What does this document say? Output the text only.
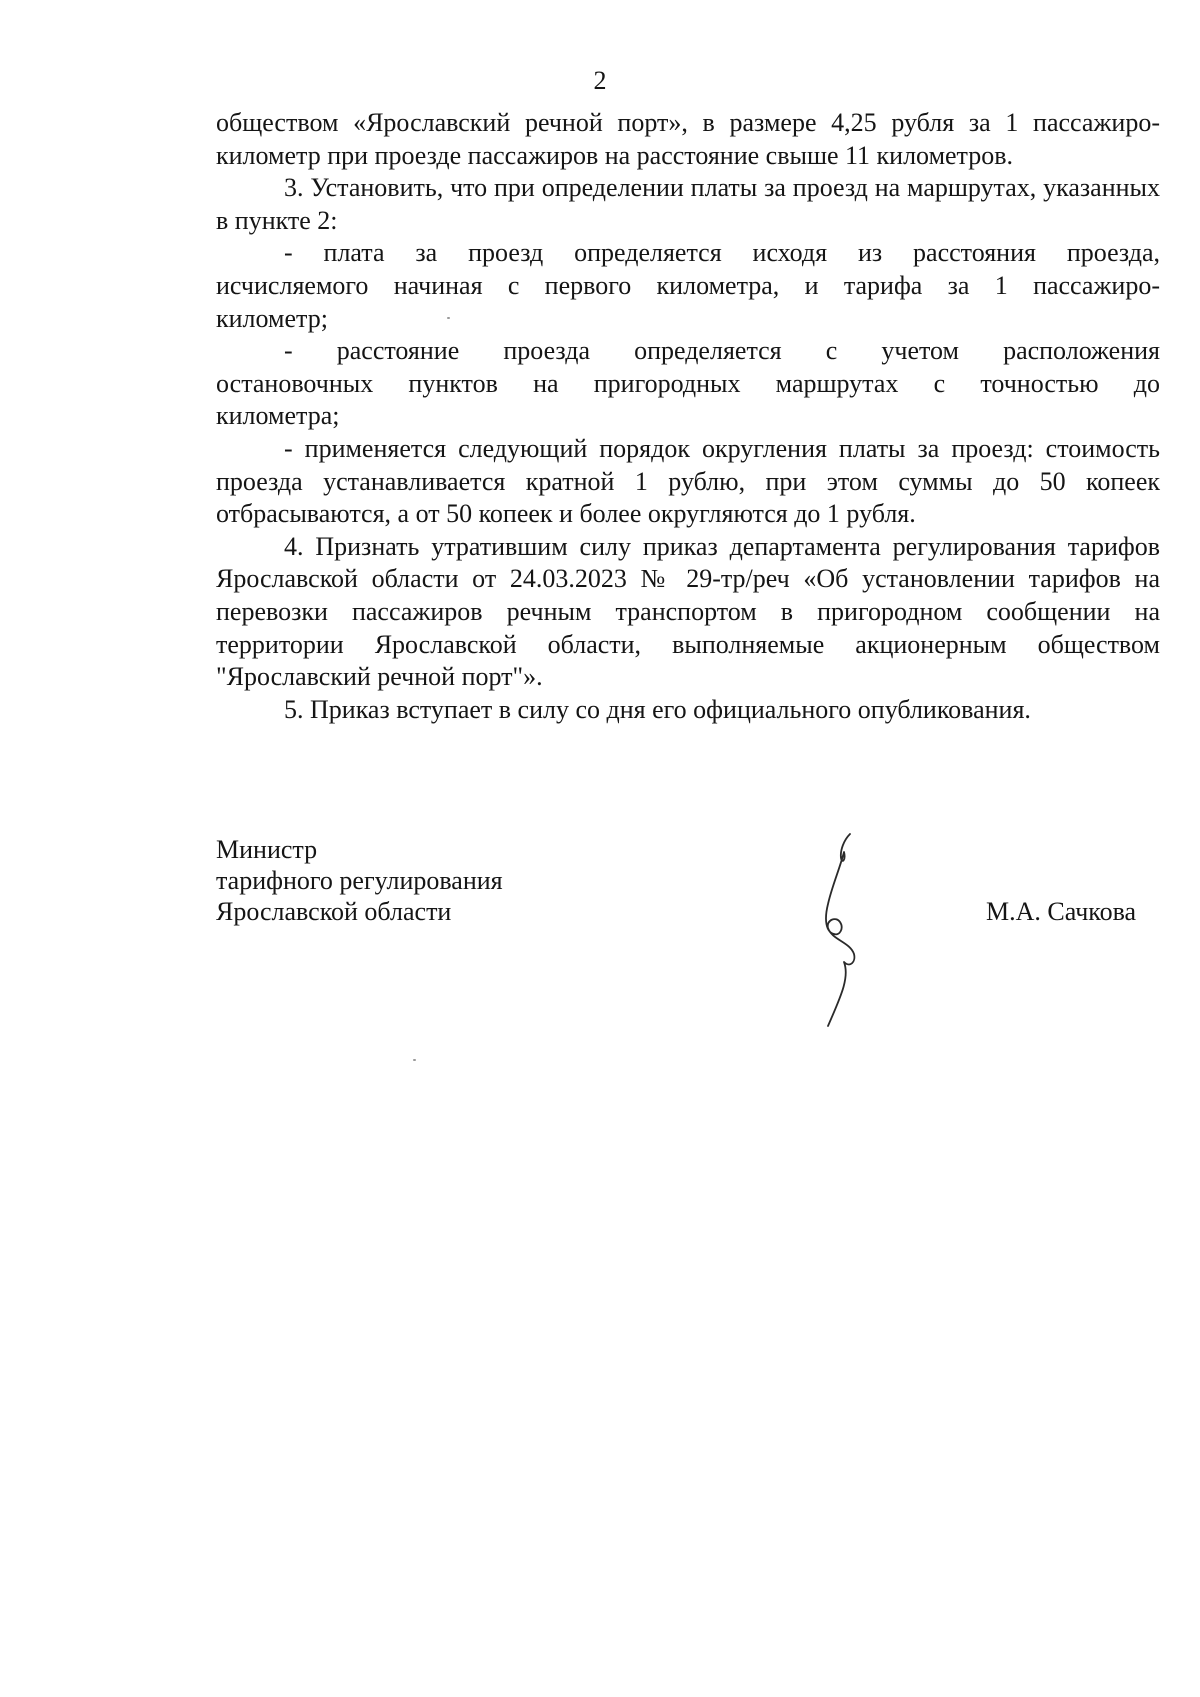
2

обществом «Ярославский речной порт», в размере 4,25 рубля за 1 пассажиро-километр при проезде пассажиров на расстояние свыше 11 километров.

3. Установить, что при определении платы за проезд на маршрутах, указанных в пункте 2:

- плата за проезд определяется исходя из расстояния проезда, исчисляемого начиная с первого километра, и тарифа за 1 пассажиро-километр;

- расстояние проезда определяется с учетом расположения остановочных пунктов на пригородных маршрутах с точностью до километра;

- применяется следующий порядок округления платы за проезд: стоимость проезда устанавливается кратной 1 рублю, при этом суммы до 50 копеек отбрасываются, а от 50 копеек и более округляются до 1 рубля.

4. Признать утратившим силу приказ департамента регулирования тарифов Ярославской области от 24.03.2023 № 29-тр/реч «Об установлении тарифов на перевозки пассажиров речным транспортом в пригородном сообщении на территории Ярославской области, выполняемые акционерным обществом "Ярославский речной порт"».

5. Приказ вступает в силу со дня его официального опубликования.

Министр
тарифного регулирования
Ярославской области	М.А. Сачкова
